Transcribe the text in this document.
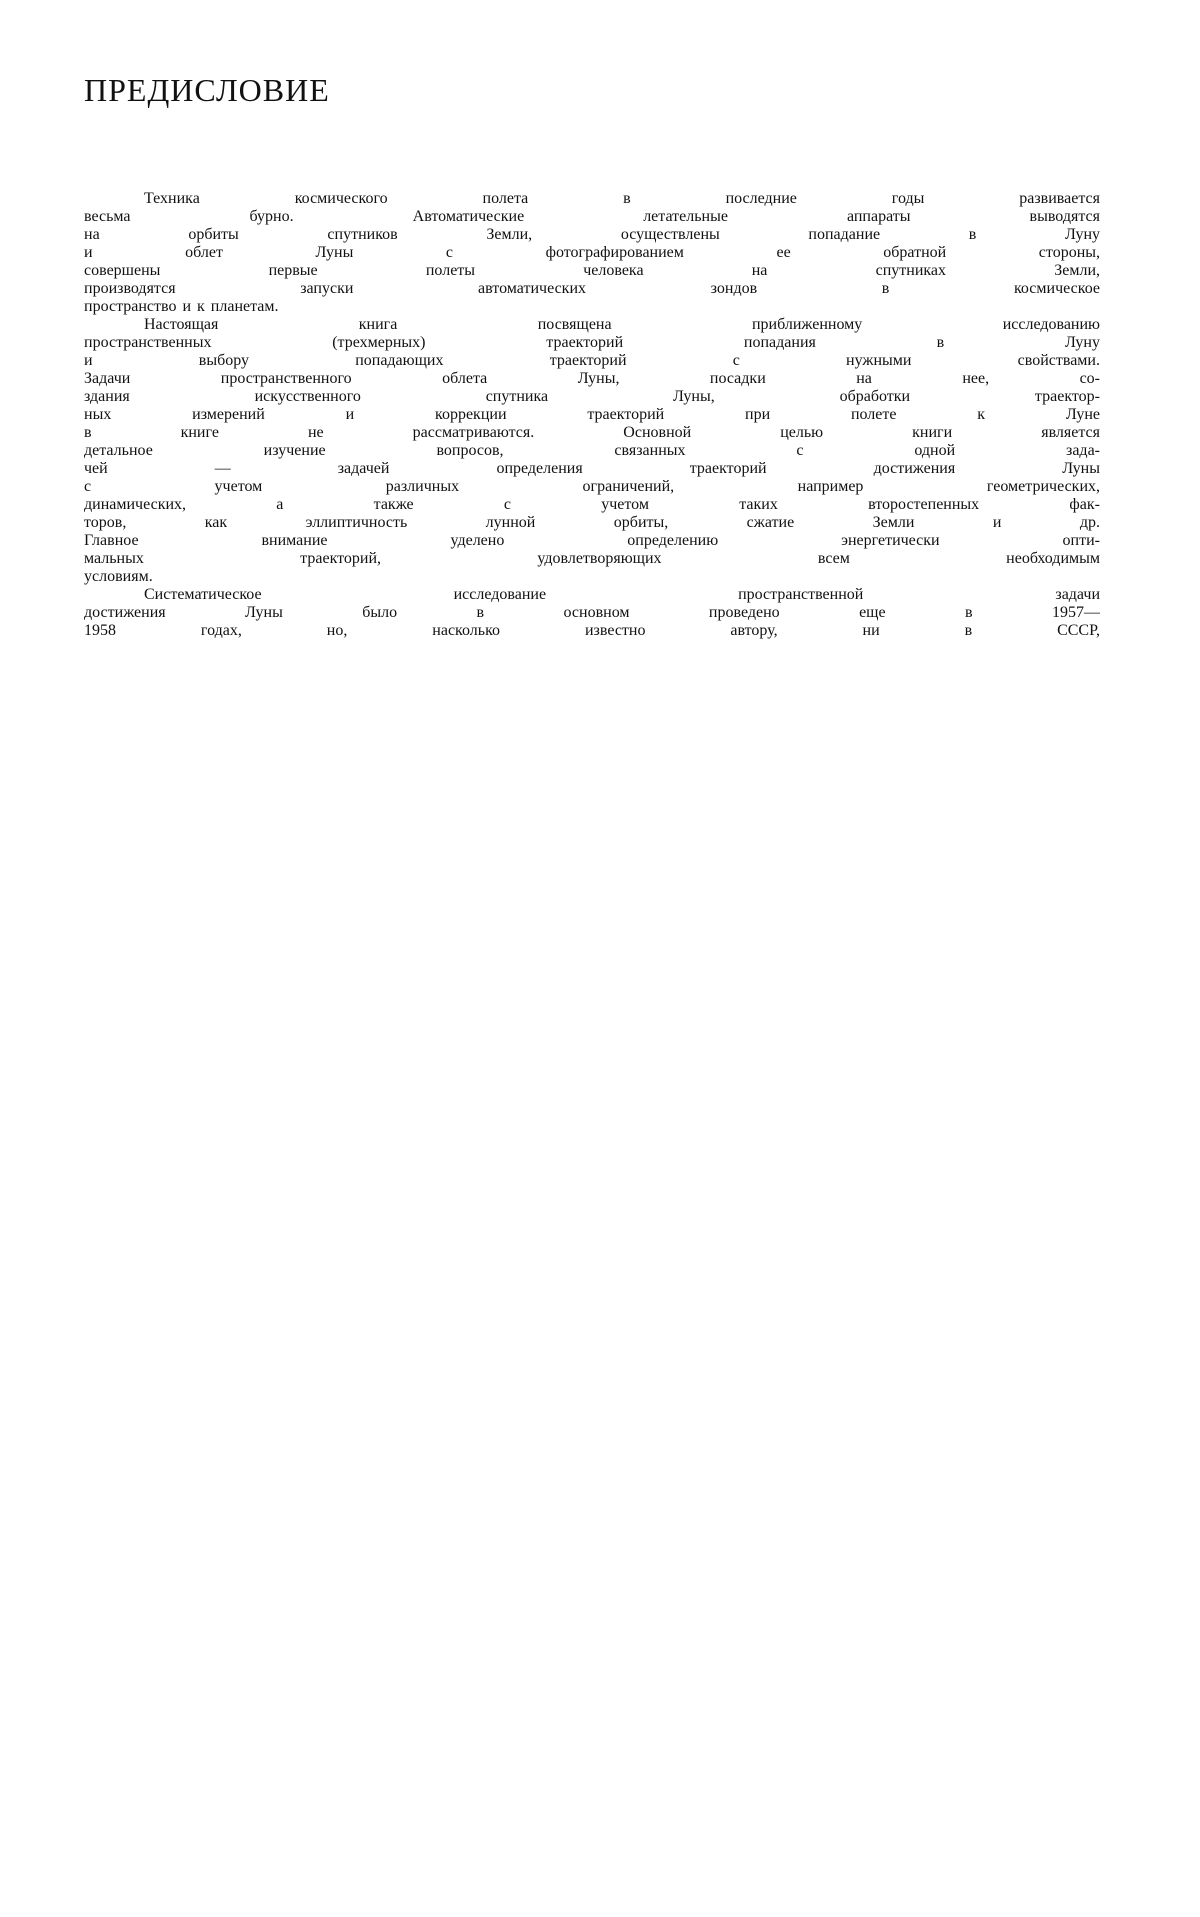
ПРЕДИСЛОВИЕ
Техника космического полета в последние годы развивается
весьма бурно. Автоматические летательные аппараты выводятся
на орбиты спутников Земли, осуществлены попадание в Луну
и облет Луны с фотографированием ее обратной стороны,
совершены первые полеты человека на спутниках Земли,
производятся запуски автоматических зондов в космическое
пространство и к планетам.
Настоящая книга посвящена приближенному исследованию
пространственных (трехмерных) траекторий попадания в Луну
и выбору попадающих траекторий с нужными свойствами.
Задачи пространственного облета Луны, посадки на нее, со-
здания искусственного спутника Луны, обработки траектор-
ных измерений и коррекции траекторий при полете к Луне
в книге не рассматриваются. Основной целью книги является
детальное изучение вопросов, связанных с одной зада-
чей — задачей определения траекторий достижения Луны
с учетом различных ограничений, например геометрических,
динамических, а также с учетом таких второстепенных фак-
торов, как эллиптичность лунной орбиты, сжатие Земли и др.
Главное внимание уделено определению энергетически опти-
мальных траекторий, удовлетворяющих всем необходимым
условиям.
Систематическое исследование пространственной задачи
достижения Луны было в основном проведено еще в 1957—
1958 годах, но, насколько известно автору, ни в СССР,
